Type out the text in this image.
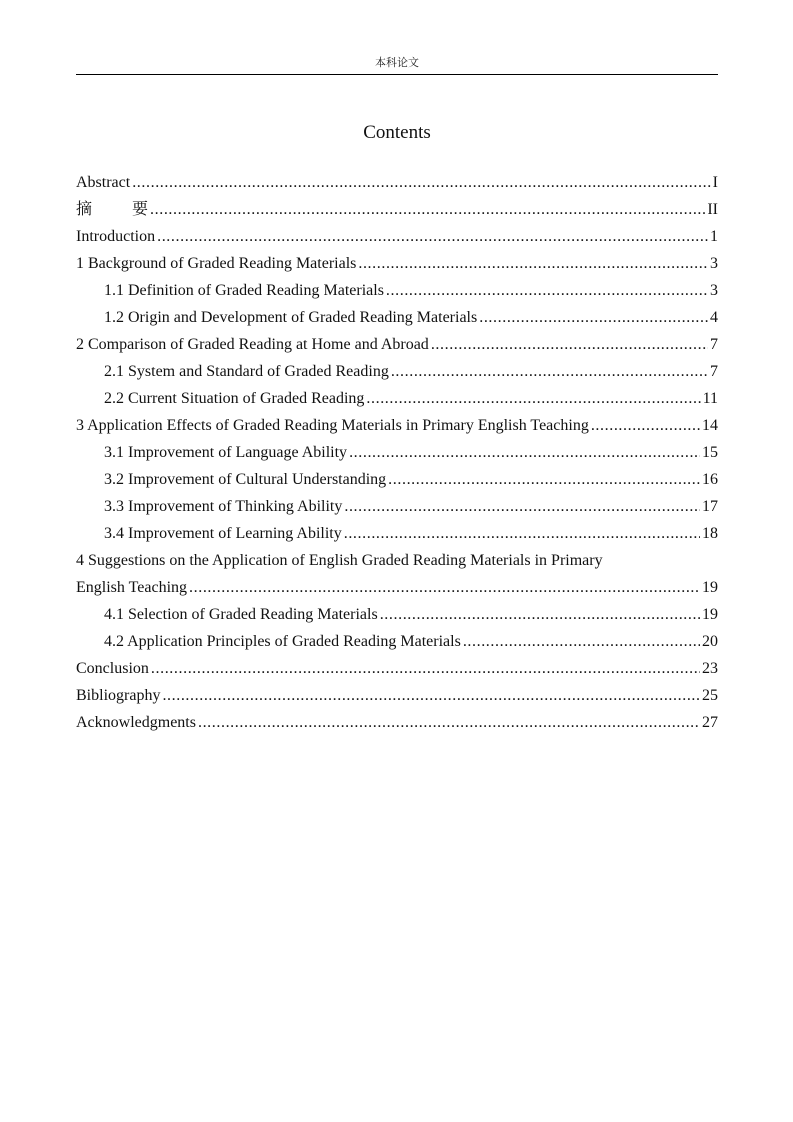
本科论文
Contents
Abstract .....	I
摘	要 .....	II
Introduction .....	1
1 Background of Graded Reading Materials .....	3
1.1 Definition of Graded Reading Materials .....	3
1.2 Origin and Development of Graded Reading Materials .....	4
2 Comparison of Graded Reading at Home and Abroad .....	7
2.1 System and Standard of Graded Reading .....	7
2.2 Current Situation of Graded Reading .....	11
3 Application Effects of Graded Reading Materials in Primary English Teaching .....	14
3.1 Improvement of Language Ability .....	15
3.2 Improvement of Cultural Understanding .....	16
3.3 Improvement of Thinking Ability .....	17
3.4 Improvement of Learning Ability .....	18
4 Suggestions on the Application of English Graded Reading Materials in Primary
English Teaching .....	19
4.1 Selection of Graded Reading Materials .....	19
4.2 Application Principles of Graded Reading Materials .....	20
Conclusion .....	23
Bibliography .....	25
Acknowledgments .....	27
